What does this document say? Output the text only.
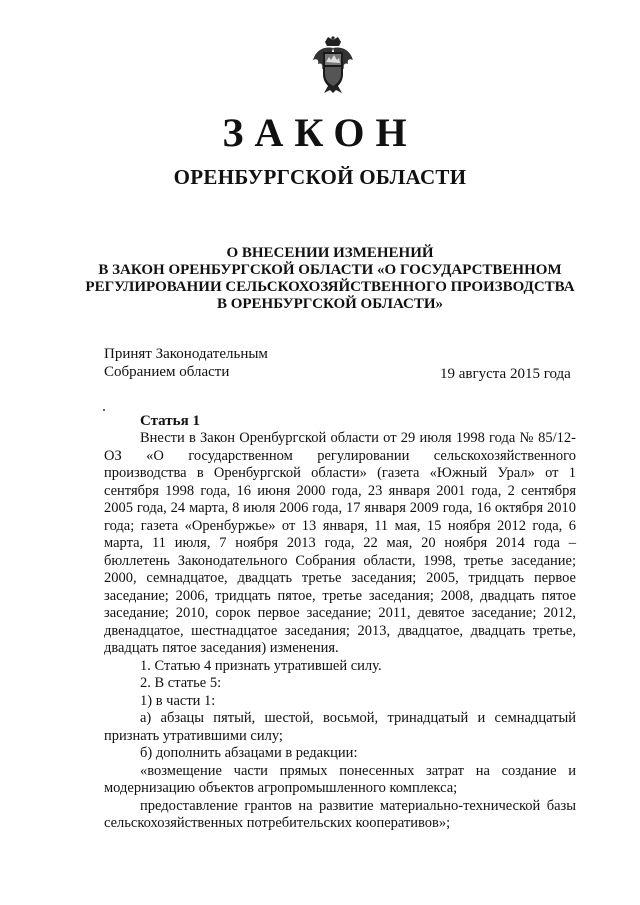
ЗАКОН
ОРЕНБУРГСКОЙ ОБЛАСТИ
О ВНЕСЕНИИ ИЗМЕНЕНИЙ
В ЗАКОН ОРЕНБУРГСКОЙ ОБЛАСТИ «О ГОСУДАРСТВЕННОМ
РЕГУЛИРОВАНИИ СЕЛЬСКОХОЗЯЙСТВЕННОГО ПРОИЗВОДСТВА
В ОРЕНБУРГСКОЙ ОБЛАСТИ»
Принят Законодательным
Собранием области	19 августа 2015 года
Статья 1

Внести в Закон Оренбургской области от 29 июля 1998 года № 85/12-ОЗ «О государственном регулировании сельскохозяйственного производства в Оренбургской области» (газета «Южный Урал» от 1 сентября 1998 года, 16 июня 2000 года, 23 января 2001 года, 2 сентября 2005 года, 24 марта, 8 июля 2006 года, 17 января 2009 года, 16 октября 2010 года; газета «Оренбуржье» от 13 января, 11 мая, 15 ноября 2012 года, 6 марта, 11 июля, 7 ноября 2013 года, 22 мая, 20 ноября 2014 года – бюллетень Законодательного Собрания области, 1998, третье заседание; 2000, семнадцатое, двадцать третье заседания; 2005, тридцать первое заседание; 2006, тридцать пятое, третье заседания; 2008, двадцать пятое заседание; 2010, сорок первое заседание; 2011, девятое заседание; 2012, двенадцатое, шестнадцатое заседания; 2013, двадцатое, двадцать третье, двадцать пятое заседания) изменения.

1. Статью 4 признать утратившей силу.

2. В статье 5:

1) в части 1:

а) абзацы пятый, шестой, восьмой, тринадцатый и семнадцатый признать утратившими силу;

б) дополнить абзацами в редакции:

«возмещение части прямых понесенных затрат на создание и модернизацию объектов агропромышленного комплекса;

предоставление грантов на развитие материально-технической базы сельскохозяйственных потребительских кооперативов»;
